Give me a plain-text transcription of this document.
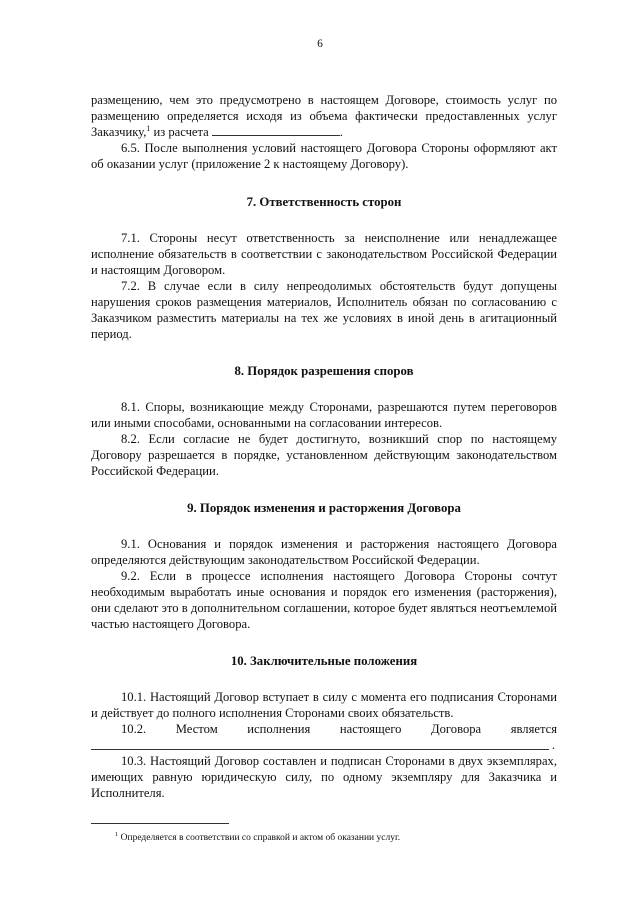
6

размещению, чем это предусмотрено в настоящем Договоре, стоимость услуг по размещению определяется исходя из объема фактически предоставленных услуг Заказчику,$^1$ из расчета	.

6.5. После выполнения условий настоящего Договора Стороны оформляют акт об оказании услуг (приложение 2 к настоящему Договору).

7. Ответственность сторон

7.1. Стороны несут ответственность за неисполнение или ненадлежащее исполнение обязательств в соответствии с законодательством Российской Федерации и настоящим Договором.

7.2. В случае если в силу непреодолимых обстоятельств будут допущены нарушения сроков размещения материалов, Исполнитель обязан по согласованию с Заказчиком разместить материалы на тех же условиях в иной день в агитационный период.

8. Порядок разрешения споров

8.1. Споры, возникающие между Сторонами, разрешаются путем переговоров или иными способами, основанными на согласовании интересов.

8.2. Если согласие не будет достигнуто, возникший спор по настоящему Договору разрешается в порядке, установленном действующим законодательством Российской Федерации.

9. Порядок изменения и расторжения Договора

9.1. Основания и порядок изменения и расторжения настоящего Договора определяются действующим законодательством Российской Федерации.

9.2. Если в процессе исполнения настоящего Договора Стороны сочтут необходимым выработать иные основания и порядок его изменения (расторжения), они сделают это в дополнительном соглашении, которое будет являться неотъемлемой частью настоящего Договора.

10. Заключительные положения

10.1. Настоящий Договор вступает в силу с момента его подписания Сторонами и действует до полного исполнения Сторонами своих обязательств.

10.2. Местом исполнения настоящего Договора является

.

10.3. Настоящий Договор составлен и подписан Сторонами в двух экземплярах, имеющих равную юридическую силу, по одному экземпляру для Заказчика и Исполнителя.

$^1$ Определяется в соответствии со справкой и актом об оказании услуг.
